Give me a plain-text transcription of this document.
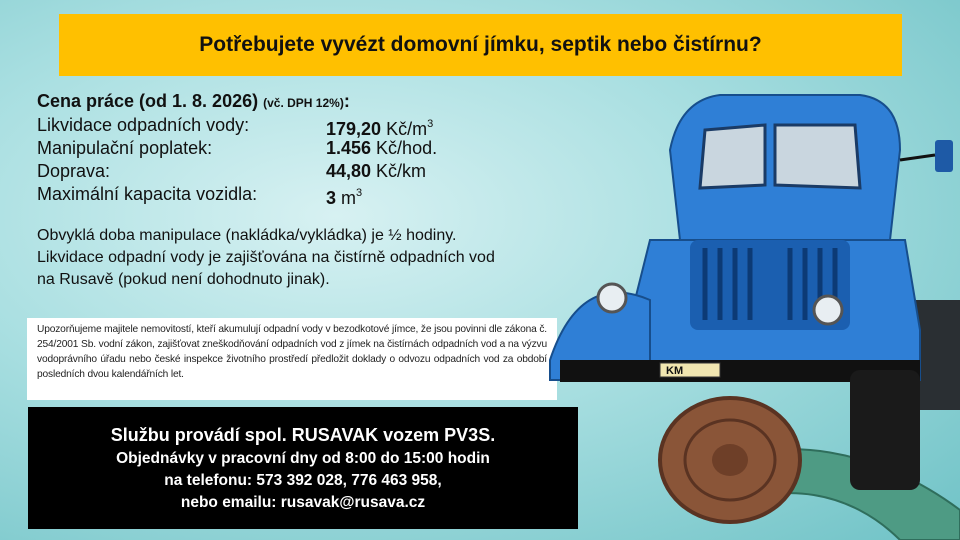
Potřebujete vyvézt domovní jímku, septik nebo čistírnu?
Cena práce (od 1. 8. 2026) (vč. DPH 12%):
Likvidace odpadních vody:	179,20 $Kč/m^3$
Manipulační poplatek:	1.456 Kč/hod.
Doprava:	44,80 Kč/km
Maximální kapacita vozidla:	3 $m^3$
Obvyklá doba manipulace (nakládka/vykládka) je ½ hodiny.
Likvidace odpadní vody je zajišťována na čistírně odpadních vod
na Rusavě (pokud není dohodnuto jinak).
Upozorňujeme majitele nemovitostí, kteří akumulují odpadní vody v bezodkotové jímce, že jsou povinni dle zákona č. 254/2001 Sb. vodní zákon, zajišťovat zneškodňování odpadních vod z jímek na čistírnách odpadních vod a na výzvu vodoprávního úřadu nebo české inspekce životního prostředí předložit doklady o odvozu odpadních vod za období posledních dvou kalendářních let.
Službu provádí spol. RUSAVAK vozem PV3S.
Objednávky v pracovní dny od 8:00 do 15:00 hodin
na telefonu: 573 392 028, 776 463 958,
nebo emailu: rusavak@rusava.cz
KM
